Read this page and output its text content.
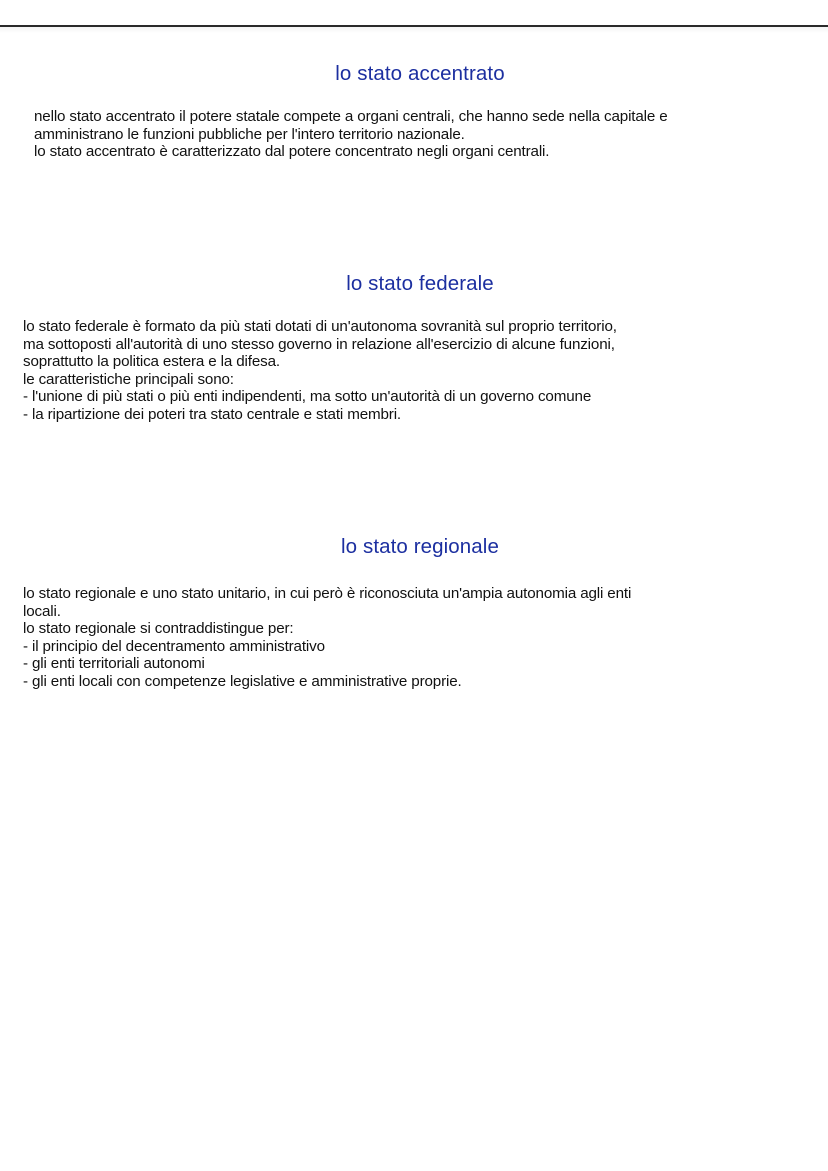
lo stato accentrato

nello stato accentrato il potere statale compete a organi centrali, che hanno sede nella capitale e

amministrano le funzioni pubbliche per l'intero territorio nazionale.

lo stato accentrato è caratterizzato dal potere concentrato negli organi centrali.

lo stato federale

lo stato federale è formato da più stati dotati di un'autonoma sovranità sul proprio territorio,

ma sottoposti all'autorità di uno stesso governo in relazione all'esercizio di alcune funzioni,

soprattutto la politica estera e la difesa.

le caratteristiche principali sono:

- l'unione di più stati o più enti indipendenti, ma sotto un'autorità di un governo comune

- la ripartizione dei poteri tra stato centrale e stati membri.

lo stato regionale

lo stato regionale e uno stato unitario, in cui però è riconosciuta un'ampia autonomia agli enti

locali.

lo stato regionale si contraddistingue per:

- il principio del decentramento amministrativo

- gli enti territoriali autonomi

- gli enti locali con competenze legislative e amministrative proprie.
